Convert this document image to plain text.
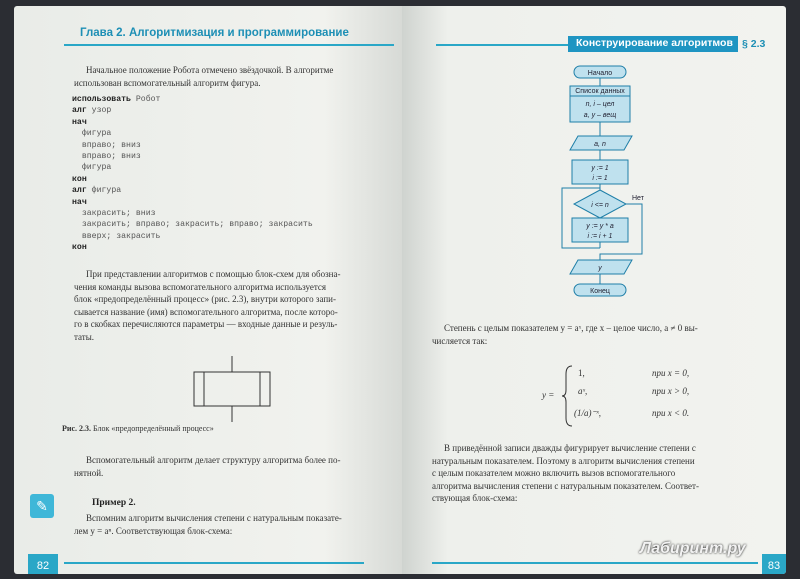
Глава 2. Алгоритмизация и программирование
Начальное положение Робота отмечено звёздочкой. В алгоритме
использован вспомогательный алгоритм фигура.
использовать Робот
алг узор
нач
фигура
вправо; вниз
вправо; вниз
фигура
кон
алг фигура
нач
закрасить; вниз
закрасить; вправо; закрасить; вправо; закрасить
вверх; закрасить
кон
При представлении алгоритмов с помощью блок-схем для обозна-
чения команды вызова вспомогательного алгоритма используется
блок «предопределённый процесс» (рис. 2.3), внутри которого запи-
сывается название (имя) вспомогательного алгоритма, после которо-
го в скобках перечисляются параметры — входные данные и резуль-
таты.
Рис. 2.3. Блок «предопределённый процесс»
Вспомогательный алгоритм делает структуру алгоритма более по-
нятной.
✎	Пример 2.
Вспомним алгоритм вычисления степени с натуральным показате-
лем y = aⁿ. Соответствующая блок-схема:
82
Конструирование алгоритмов § 2.3
Начало
Список данных
n, i – цел
a, y – вещ
a, n
y := 1
i := 1
i <= n
Нет
y := y * a
i := i + 1
y
Конец
Степень с целым показателем y = aˣ, где x – целое число, a ≠ 0 вы-
числяется так:
y =
1,	при x = 0,
aˣ,	при x > 0,
(1/a)⁻ˣ,	при x < 0.
В приведённой записи дважды фигурирует вычисление степени с
натуральным показателем. Поэтому в алгоритм вычисления степени
с целым показателем можно включить вызов вспомогательного
алгоритма вычисления степени с натуральным показателем. Соответ-
ствующая блок-схема:
83
Лабиринт.ру
